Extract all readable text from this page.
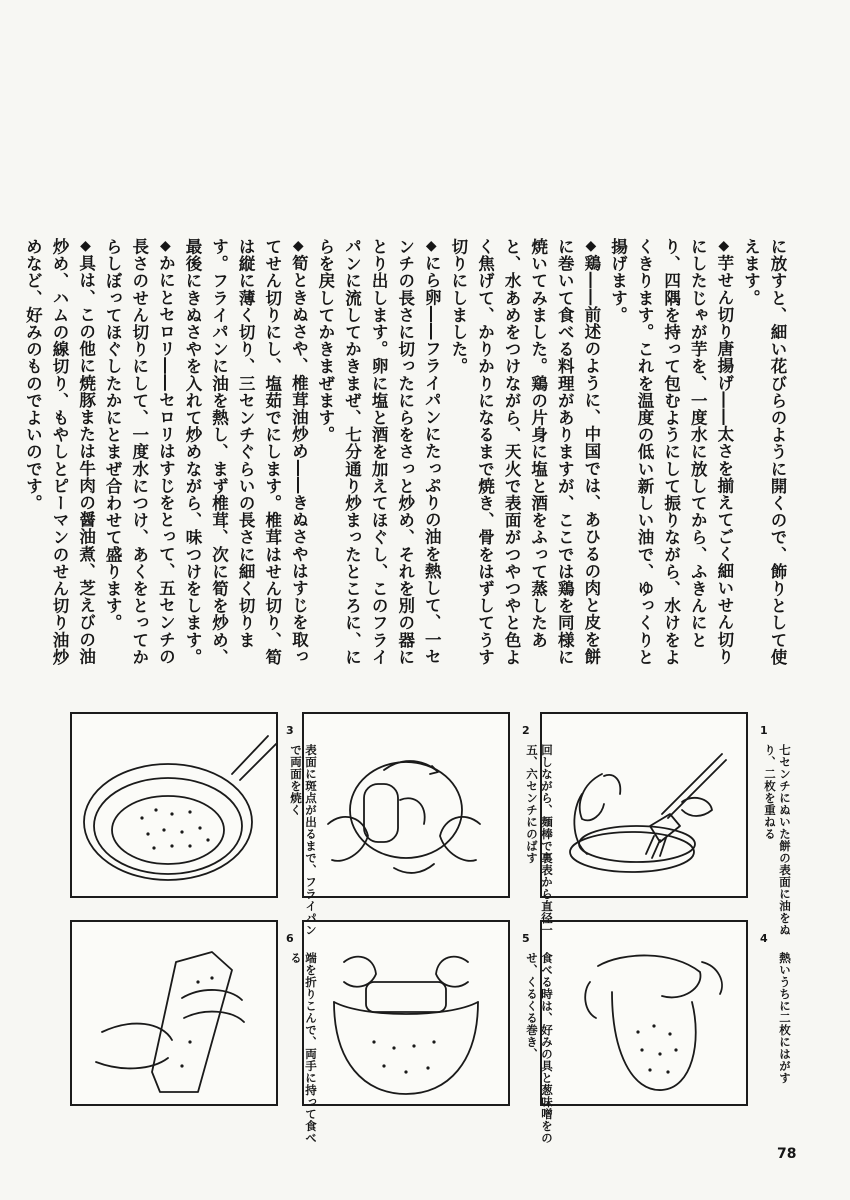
に放すと、細い花びらのように開くので、飾りとして使えます。

◆芋せん切り唐揚げ――太さを揃えてごく細いせん切りにしたじゃが芋を、一度水に放してから、ふきんにとり、四隅を持って包むようにして振りながら、水けをよくきります。これを温度の低い新しい油で、ゆっくりと揚げます。

◆鶏――前述のように、中国では、あひるの肉と皮を餅に巻いて食べる料理がありますが、ここでは鶏を同様に焼いてみました。鶏の片身に塩と酒をふって蒸したあと、水あめをつけながら、天火で表面がつやつやと色よく焦げて、かりかりになるまで焼き、骨をはずしてうす切りにしました。

◆にら卵――フライパンにたっぷりの油を熱して、一センチの長さに切ったにらをさっと炒め、それを別の器にとり出します。卵に塩と酒を加えてほぐし、このフライパンに流してかきまぜ、七分通り炒まったところに、にらを戻してかきまぜます。

◆筍ときぬさや、椎茸油炒め――きぬさやはすじを取ってせん切りにし、塩茹でにします。椎茸はせん切り、筍は縦に薄く切り、三センチぐらいの長さに細く切ります。フライパンに油を熱し、まず椎茸、次に筍を炒め、最後にきぬさやを入れて炒めながら、味つけをします。

◆かにとセロリ――セロリはすじをとって、五センチの長さのせん切りにして、一度水につけ、あくをとってからしぼってほぐしたかにとまぜ合わせて盛ります。

◆具は、この他に焼豚または牛肉の醤油煮、芝えびの油炒め、ハムの線切り、もやしとピーマンのせん切り油炒めなど、好みのものでよいのです。

七センチにぬいた餅の表面に油をぬり、二枚を重ねる
1
回しながら、麺棒で裏表から直径一五、六センチにのばす
2
表面に斑点が出るまで、フライパンで両面を焼く
3
熱いうちに二枚にはがす
4
食べる時は、好みの具と葱味噌をのせ、くるくる巻き、
5
端を折りこんで、両手に持って食べる
6
78
